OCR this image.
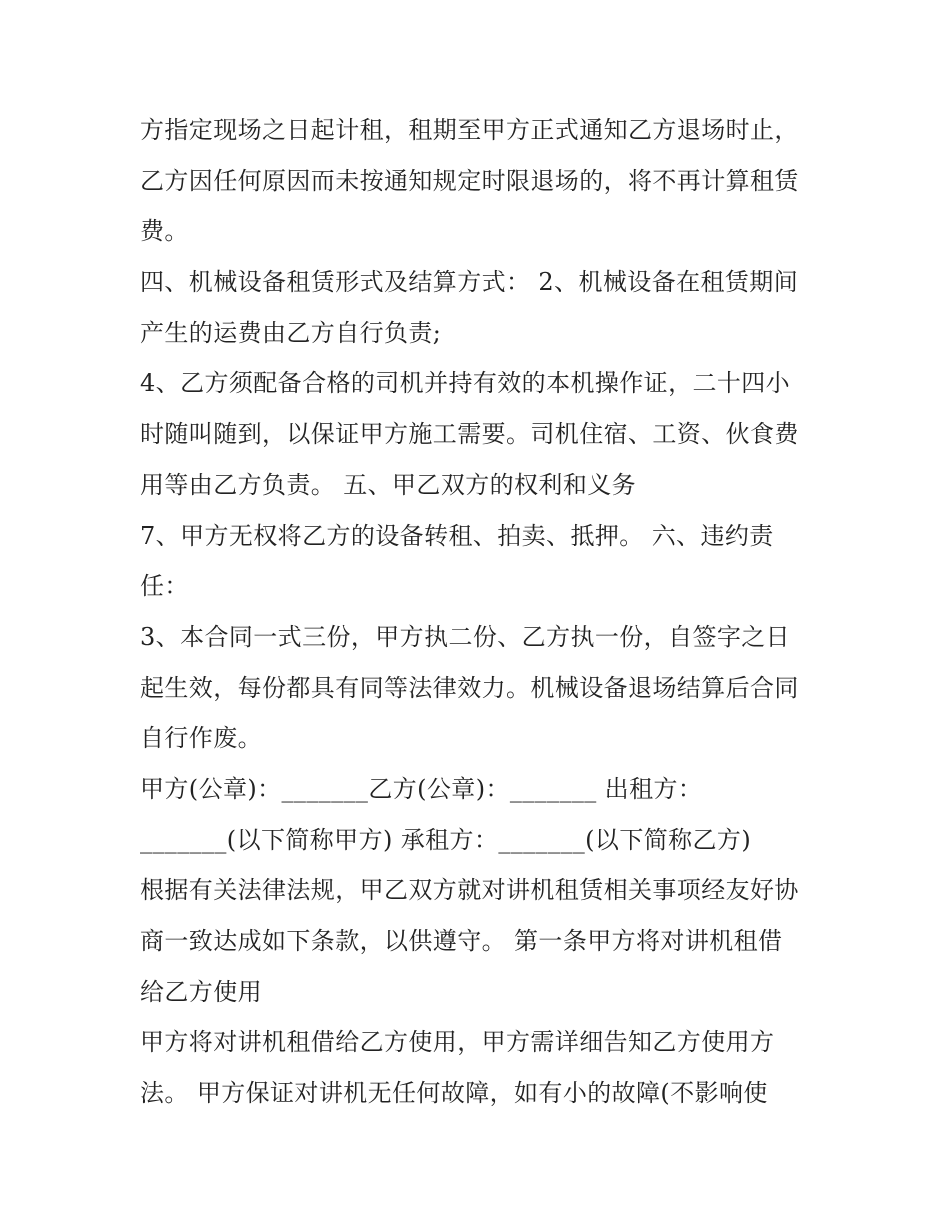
方指定现场之日起计租，租期至甲方正式通知乙方退场时止，
乙方因任何原因而未按通知规定时限退场的，将不再计算租赁
费。
四、机械设备租赁形式及结算方式： 2、机械设备在租赁期间
产生的运费由乙方自行负责;
4、乙方须配备合格的司机并持有效的本机操作证，二十四小
时随叫随到，以保证甲方施工需要。司机住宿、工资、伙食费
用等由乙方负责。 五、甲乙双方的权利和义务
7、甲方无权将乙方的设备转租、拍卖、抵押。 六、违约责
任：
3、本合同一式三份，甲方执二份、乙方执一份，自签字之日
起生效，每份都具有同等法律效力。机械设备退场结算后合同
自行作废。
甲方(公章)：_______乙方(公章)：_______ 出租方：
_______(以下简称甲方) 承租方：_______(以下简称乙方)
根据有关法律法规，甲乙双方就对讲机租赁相关事项经友好协
商一致达成如下条款，以供遵守。 第一条甲方将对讲机租借
给乙方使用
甲方将对讲机租借给乙方使用，甲方需详细告知乙方使用方
法。 甲方保证对讲机无任何故障，如有小的故障(不影响使
